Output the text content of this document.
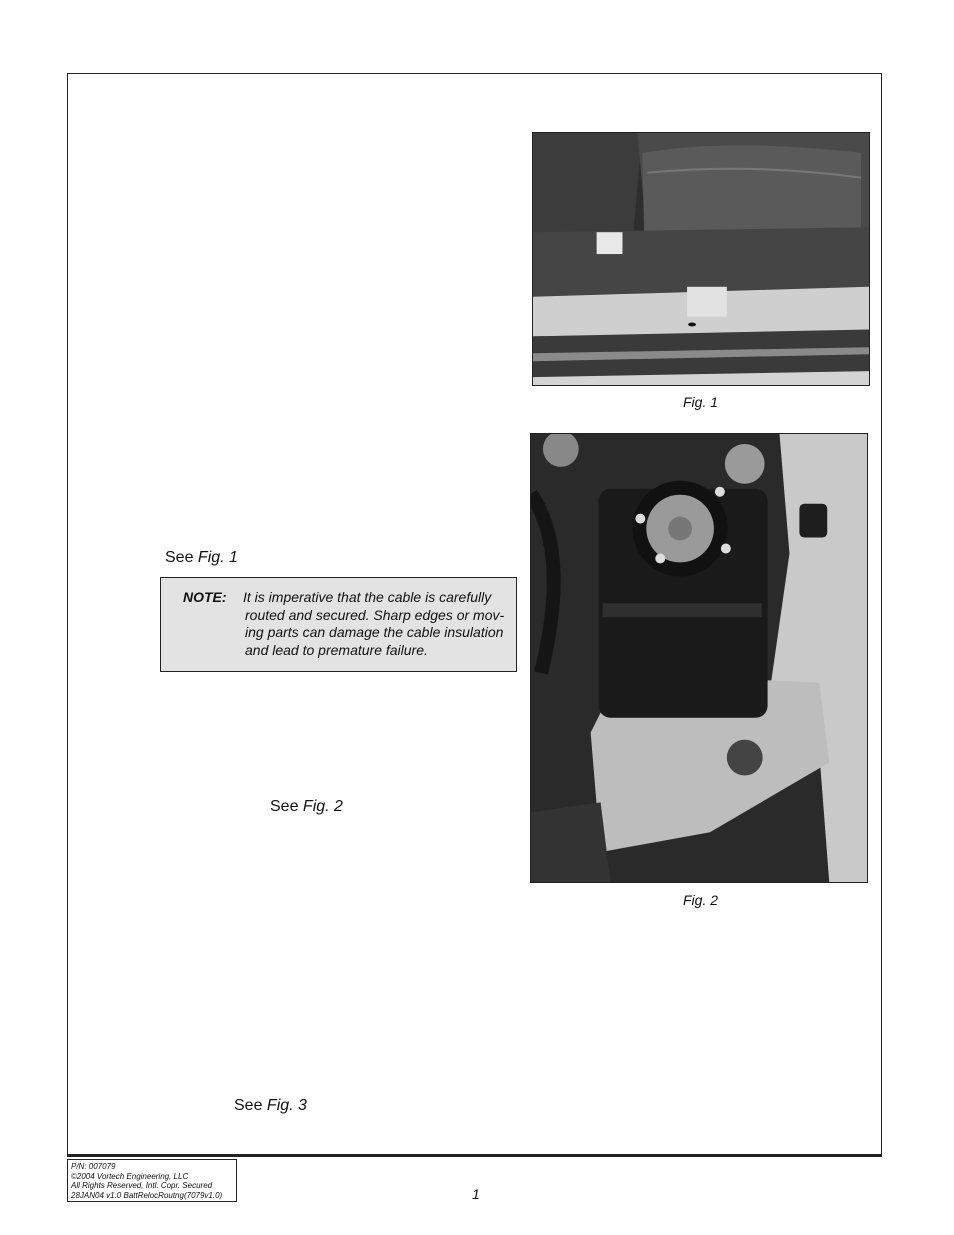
Fig. 1
Fig. 2
See Fig. 1
NOTE: It is imperative that the cable is carefully
routed and secured. Sharp edges or mov-
ing parts can damage the cable insulation
and lead to premature failure.
See Fig. 2
See Fig. 3
P/N: 007079
©2004 Vortech Engineering, LLC
All Rights Reserved, Intl. Copr. Secured
28JAN04 v1.0 BattRelocRoutng(7079v1.0)	1
